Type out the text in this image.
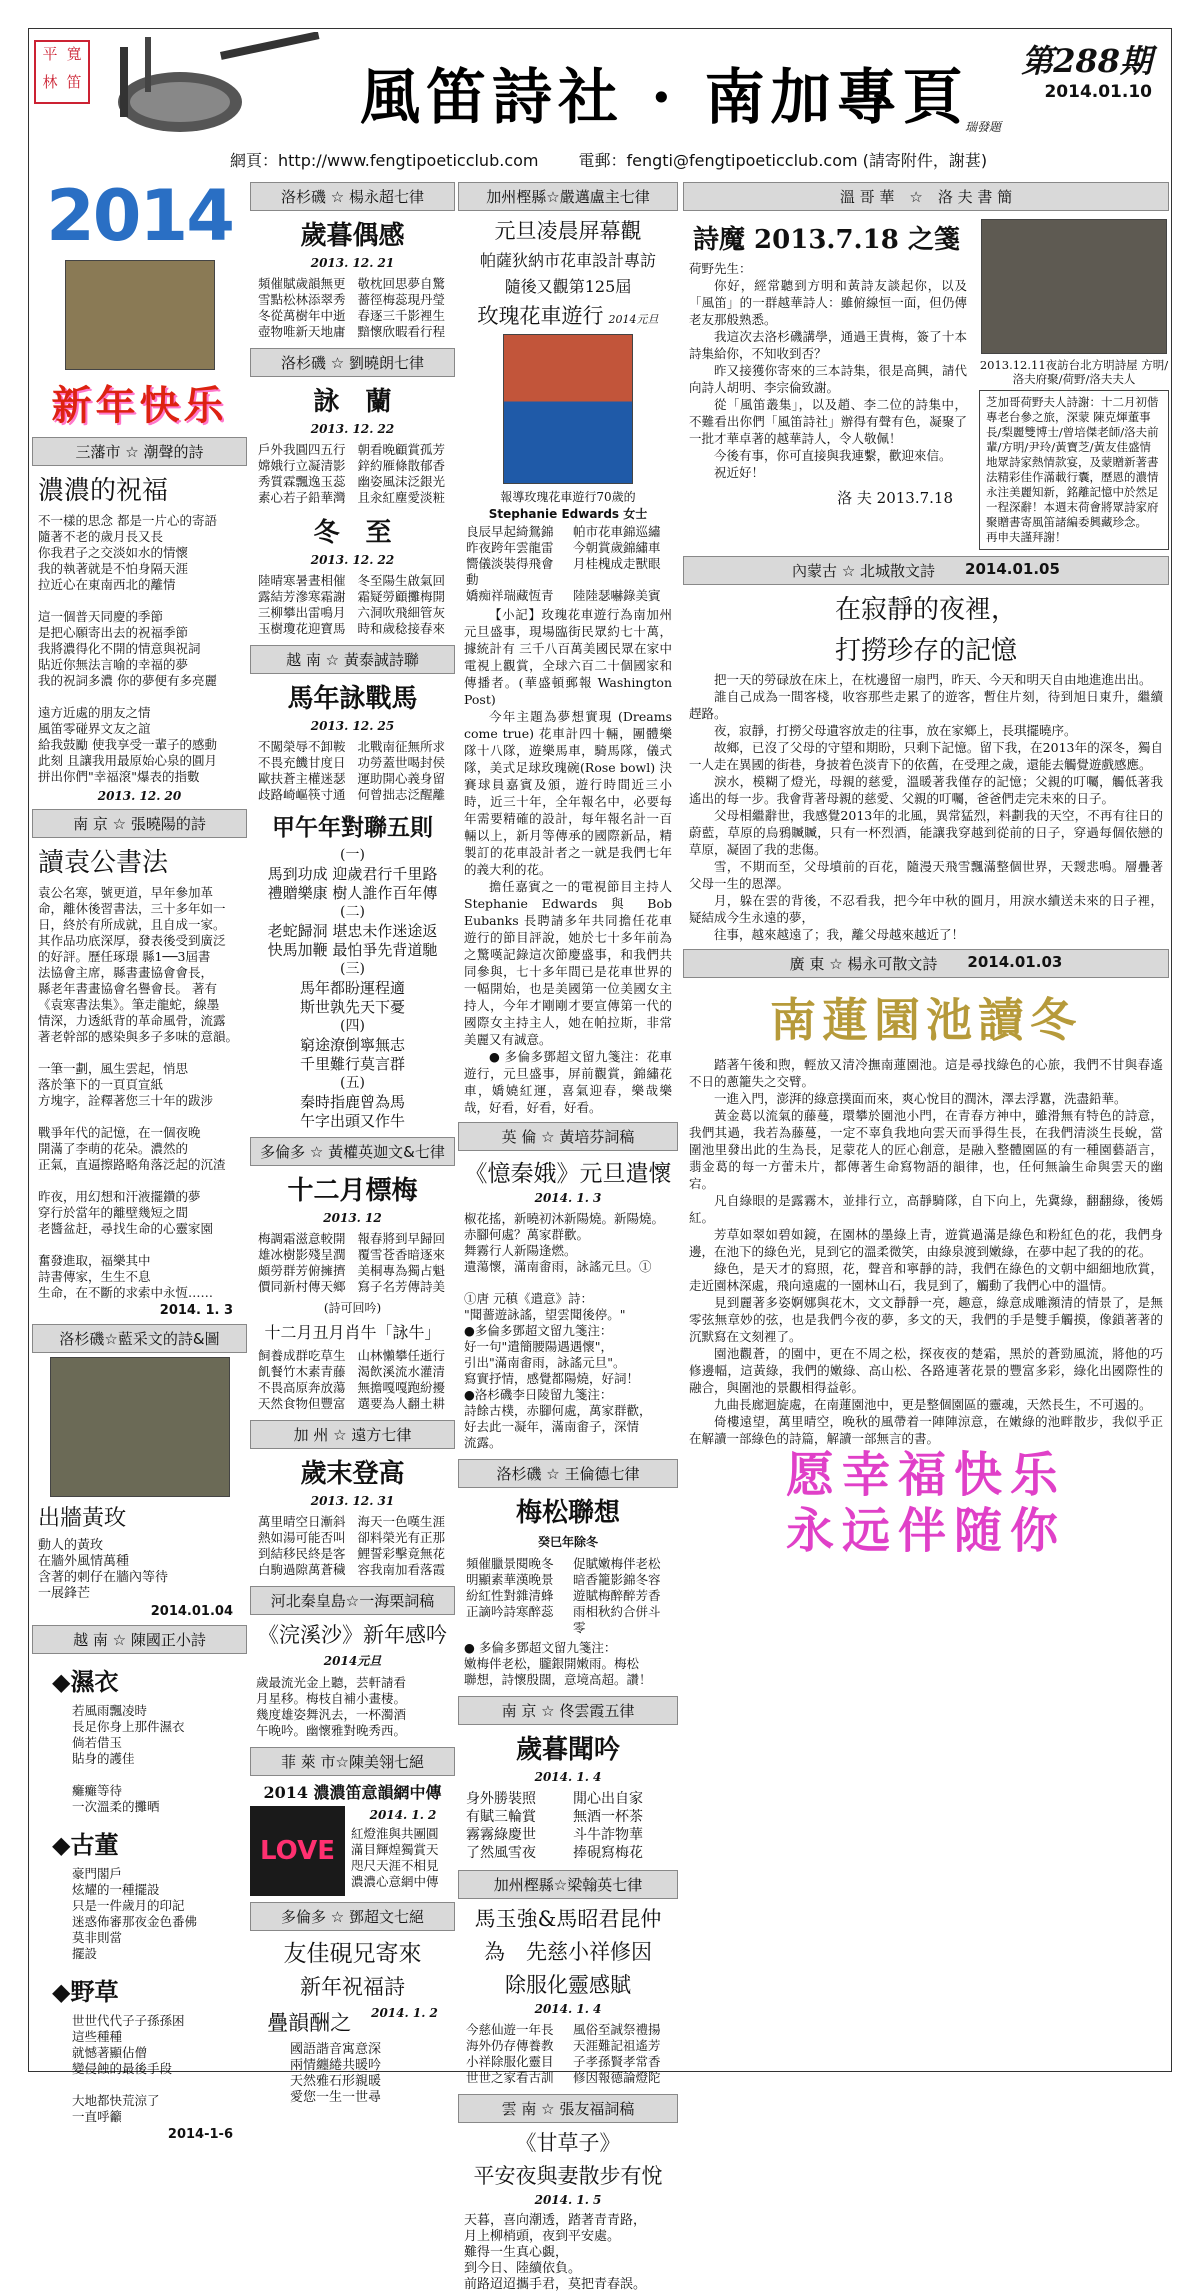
平 寬
林 笛	風笛詩社 · 南加專頁
瑞發題
第288期
2014.01.10
網頁：http://www.fengtipoeticclub.com	電郵：fengti@fengtipoeticclub.com (請寄附件，謝葚)
2014
新年快乐
三藩市 ☆ 潮聲的詩
濃濃的祝福
不一樣的思念 都是一片心的寄語
隨著不老的歲月長又長
你我君子之交淡如水的情懷
我的執著就是不怕身隔天涯
拉近心在東南西北的離情

這一個普天同慶的季節
是把心願寄出去的祝福季節
我將濃得化不開的情意與祝詞
貼近你無法言喻的幸福的夢
我的祝詞多濃 你的夢便有多亮麗

遠方近處的朋友之情
風笛零碰界文友之誼
給我鼓勵 使我享受一輩子的感動
此刻 且讓我用最原始心泉的圓月
拼出你們"幸福滾"爆表的指數
2013. 12. 20
南 京 ☆ 張曉陽的詩
讀袁公書法
袁公名寒，號更道，早年參加革
命，離休後習書法，三十多年如一
日，終於有所成就，且自成一家。
其作品功底深厚，發表後受到廣泛
的好評。歷任琢璟 縣1──3屆書
法協會主席，縣書畫協會會長，
縣老年書畫協會名譽會長。 著有
《袁寒書法集》。筆走龍蛇，線墨
情深，力透紙背的革命風骨，流露
著老幹部的感染與多子多味的意韻。

一筆一劃，風生雲起，悄思
落於筆下的一頁頁宣紙
方塊字，詮釋著您三十年的跋涉

戰爭年代的記憶，在一個夜晚
開滿了李萌的花朵。濃然的
正氣，直逼擦路略角落泛起的沉渣

昨夜，用幻想和汗液擺鑽的夢
穿行於當年的離壁幾短之間
老醬盆赶，尋找生命的心靈家園

奮發進取，福樂其中
詩書傳家，生生不息
生命，在不斷的求索中永恆……
2014. 1. 3
洛杉磯☆藍采文的詩&圖
出牆黃玫
動人的黃玫
在牆外風情萬種
含著的刺仔在牆內等待
一展鋒芒
2014.01.04
越 南 ☆ 陳國正小詩
◆濕衣
若風雨飄凌時
長足你身上那件濕衣
倘若借玉
貼身的護佳

癱癱等待
一次溫柔的攤晒
◆古董
豪門閣戶
炫耀的一種擺設
只是一件歲月的印記
迷惑佈審那夜金色番佛
莫非則當
擺設
◆野草
世世代代子子孫孫困
這些種種
就憾著顯佔僧
變侵蝕的最後手段

大地都快荒涼了
一直呼籲
2014-1-6
洛杉磯 ☆ 楊永超七律
歲暮偶感
2013. 12. 21
頻催賦歲韻無更 敬枕回思夢自驚
雪點松林添翠秀 薔徑梅蕊現丹瑩
冬從萬樹年中逝 春逐三千影裡生
壺物唯新天地庸 黯懷欣暇看行程
洛杉磯 ☆ 劉曉朗七律
詠　蘭
2013. 12. 22
戶外我圓四五行 朝看晚顧賞孤芳
嫦娥行立凝清影 鋅約雁條散郁香
秀質霖飄逸玉蕊 幽姿風沫泛銀光
素心若子鉛華灣 且汆紅塵愛淡粧
冬　至
2013. 12. 22
陸晴寒暑晝相催 冬至陽生啟氣回
露結芳滲寒霜謝 霜疑勞顧攤梅開
三柳攀出雷鳴月 六洞吹飛細管灰
玉樹瓊花迎寶馬 時和歲稔接春來
越 南 ☆ 黃泰誠詩聯
馬年詠戰馬
2013. 12. 25
不闖榮辱不卸鞍 北戰南征無所求
不畏充饑甘度日 功勞蓋世喝封侯
歐扶蒼主權迷瑟 運助開心義身留
歧路崎嶇筷寸通 何曾拙志泛醒離
甲午年對聯五則
(一)
馬到功成 迎歲君行千里路
禮贈樂康 樹人誰作百年傳
(二)
老蛇歸洞 堪忠未作迷途返
快馬加鞭 最怕爭先背道馳
(三)
馬年都盼運程適
斯世孰先天下憂
(四)
窮途潦倒寧無志
千里難行莫言群
(五)
秦時指鹿曾為馬
午字出頭又作牛
多倫多 ☆ 黃權英迦文&七律
十二月標梅
2013. 12
梅調霜滋意較開 報春將到早歸回
雄冰樹影殘呈潤 覆雪苍香暗逐來
頗勞群芳俯擁擠 美桐專為獨占魁
價同新村傳天鄉 寫子名芳傳詩美
(詩可回吟)
十二月丑月肖牛「詠牛」
飼養成群吃草生 山林懶攀任逝行
飢餐竹木素青藤 渴飲溪流水灌清
不畏高原奔放蕩 無擔嘎嘎跑紛擾
天然食物但豐富 選要為人翻土耕
加 州 ☆ 遠方七律
歲末登高
2013. 12. 31
萬里晴空日漸斜 海天一色嘆生涯
熱如湯可能否叫 卻料榮光有正那
到結移民終是客 鯉誓彩擊竟無花
白駒過隙萬蒼穢 容我南加看落霞
河北秦皇島☆一海栗詞稿
《浣溪沙》新年感吟
2014元旦
歲最流光金上聽，芸軒請看
月星移。梅枝自補小畫棲。
幾度雄姿舞汎去，一杯濁酒
午晚吟。幽懷雅對晚秀西。
菲 萊 市☆陳美翎七絕
2014 濃濃笛意韻網中傳
LOVE
2014. 1. 2
紅燈淮與共團圓
滿目輝煌獨賞天
咫尺天涯不相見
濃濃心意網中傳
多倫多 ☆ 鄧超文七絕
友佳硯兄寄來
新年祝福詩
疊韻酬之 2014. 1. 2
國語諧音寓意深
兩情纏綣共暖吟
天然雅石形親暖
愛您一生一世尋
加州樫縣☆嚴邁盧主七律
元旦凌晨屏幕觀
帕薩狄納市花車設計專訪
隨後又觀第125屆
玫瑰花車遊行 2014元旦
報導玫瑰花車遊行70歲的
Stephanie Edwards 女士
良辰早起綺鴛錦	帕市花車錦巡繡
昨夜跨年雲龍雷	今朝賞歲錦繡車
嚮儀淡裝得飛會動
月桂槐成走獸眼
嬌痴祥瑞藏恆青	陸陸瑟嚇錄美賓
【小記】玫瑰花車遊行為南加州元旦盛事，現場臨街民眾約七十萬，據統計有 三千八百萬美國民眾在家中電視上觀賞，全球六百二十個國家和傳播者。(華盛頓郵報 Washington Post)
今年主題為夢想實現 (Dreams come true) 花車計四十輛，團體樂隊十八隊，遊樂馬車，騎馬隊，儀式隊，美式足球玫瑰碗(Rose bowl) 決賽球員嘉賓及頒，遊行時間近三小時，近三十年，全年報名中，必要每年需要精確的設計，每年報名計一百輛以上，新月等傳承的國際新品，精製訂的花車設計者之一就是我們七年的義大利的花。
擔任嘉賓之一的電視節目主持人 Stephanie Edwards 與 Bob Eubanks 長聘請多年共同擔任花車遊行的節目評說，她於七十多年前為之驚嘆記錄這次節慶盛事，和我們共同參與，七十多年間已是花車世界的一幅開始，也是美國第一位美國女主持人，今年才剛剛才要宣傳第一代的國際女主持主人，她在帕拉斯，非常美麗又有誠意。
● 多倫多鄧超文留九箋注：花車遊行，元旦盛事，屏前觀賞，錦繡花車，嬌嬈紅運，喜氣迎春，樂哉樂哉，好看，好看，好看。
英 倫 ☆ 黃培芬詞稿
《憶秦娥》元旦遣懷
2014. 1. 3
椒花搖，新曉初沐新陽燒。新陽燒。
赤腳何處？萬家群歡。
舞霧行人新陽逢燃。
遺蕩懷，滿南畬雨，詠謠元旦。①

①唐 元稹《遣意》詩：
"聞薔遊詠謠，望雲聞後停。"
●多倫多鄧超文留九箋注：
好一句"遣簡腰陽遇遇懷"，
引出"滿南畬雨，詠謠元旦"。
寫實抒情，感覺都陽燒，好詞！
●洛杉磯李日陵留九箋注：
詩餘古樸，赤腳何處，萬家群歡，
好去此一凝年，滿南畬子，深情
流露。
洛杉磯 ☆ 王倫德七律
梅松聯想
癸巳年除冬
頻催臘景閱晚冬	促賦嫩梅伴老松
明顯素華漢晚景	暗香籠影錦冬容
紛紅性對雜清蜂	遊賦梅醉醉芳香
正謫吟詩寒醉蕊	雨相秋約合併斗零
● 多倫多鄧超文留九箋注：
嫩梅伴老松，朧銀開嫩雨。梅松
聯想，詩懷殷闊，意境高超。讚！
南 京 ☆ 佟雲霞五律
歲暮聞吟
2014. 1. 4
身外勝裝照	閒心出自家
有賦三輪賞	無酒一杯茶
霧霧綠慶世	斗牛詐物華
了然風雪夜	捧硯寫梅花
加州樫縣☆梁翰英七律
馬玉強&馬昭君昆仲
為　先慈小祥修因
除服化靈感賦
2014. 1. 4
今慈仙遊一年長	風俗至誠祭禮揚
海外仍存傳養教	天涯難記祖遙芳
小祥除服化靈目	子孝孫賢孝常香
世世之家看古訓	修因報德論燈陀
雲 南 ☆ 張友福詞稿
《甘草子》
平安夜與妻散步有悅
2014. 1. 5
天暮，喜向潮透，踏著青青路，
月上柳梢頭，夜到平安處。
難得一生真心覷，
到今日、陸續依負。
前路迢迢攜手君，莫把青春誤。
溫 哥 華　☆　洛 夫 書 簡
詩魔 2013.7.18 之箋
荷野先生：
你好，經常聽到方明和黃詩友談起你，以及「風笛」的一群越華詩人：雖俯線恒一面，但仍傳老友那般熟悉。
我這次去洛杉磯講學，通過王貴梅，簽了十本詩集給你，不知收到否？
昨又接獲你寄來的三本詩集，很是高興，請代向詩人胡明、李宗倫致謝。
從「風笛叢集」，以及趙、李二位的詩集中，不難看出你們「風笛詩社」辦得有聲有色，凝聚了一批才華卓著的越華詩人，令人敬佩！
今後有事，你可直接與我連繫，歡迎來信。
祝近好！
洛 夫 2013.7.18
2013.12.11夜訪台北方明詩屋 方明/洛夫府聚/荷野/洛夫夫人
芝加哥荷野夫人詩謝：十二月初偕專老台參之旅，深蒙 陳克煇董事長/梨麗雙博士/曾培傑老師/洛夫前輩/方明/尹玲/黃寶芝/黃友佳盛情地眾詩家熱情款宴，及蒙贈新著書法精彩佳作滿載行囊，歷恩的濃情永注美麗知新，銘離記憶中於然足一程深辭！本週末荷會將眾詩家府聚贈書寄風笛諸編委興藏珍念。
再申夫謹拜謝！
內蒙古 ☆ 北城散文詩 2014.01.05
在寂靜的夜裡，
打撈珍存的記憶
把一天的勞碌放在床上，在枕邊留一扇門，昨天、今天和明天自由地進進出出。
誰自己成為一間客棧，收容那些走累了的遊客，暫住片刻，待到旭日東升，繼續趕路。
夜，寂靜，打撈父母遺容放走的往事，放在家鄉上，長琪擺曉序。
故鄉，已沒了父母的守望和期盼，只剩下記憶。留下我，在2013年的深冬，獨自一人走在異國的街巷，身披着色淡青下的依舊，在受理之歲，還能去觸覺遊戲感應。
淚水，模糊了燈光，母親的慈愛，溫暖著我僅存的記憶；父親的叮囑，觸低著我遙出的每一步。我會背著母親的慈愛、父親的叮囑，爸爸們走完未來的日子。
父母相繼辭世，我感覺2013年的北風，異常猛烈，料劃我的天空，不再有往日的蔚藍，草原的烏鴉贓贓，只有一杯烈酒，能讓我穿越到從前的日子，穿過每個依戀的草原，凝固了我的悲傷。
雪，不期而至，父母墳前的百花，隨漫天飛雪飄滿整個世界，天靉悲鳴。層疊著父母一生的恩澤。
月，躲在雲的背後，不忍看我，把今年中秋的圓月，用淚水續送未來的日子裡，疑結成今生永遠的夢，
往事，越來越遠了；我，離父母越來越近了！
廣 東 ☆ 楊永可散文詩 2014.01.03
南蓮園池讀冬
踏著午後和煦，輕放又清冷撫南蓮園池。這是尋找綠色的心旅，我們不甘與春遙不日的蔥籠失之交臂。
一進入門，澎湃的綠意撲面而來，爽心悅目的潤沐，澤去浮囂，洗盡鉛華。
黃金葛以流氣的藤蔓，環攀於園池小門，在青春方神中，雖滑無有特色的詩意，我們其過，我若為藤蔓，一定不辜負我地向雲天而爭得生長，在我們清淡生長蛻，當圍池里發出此的生為長，足蒙花人的匠心創意，是融入整體園區的有一種園藝語言，翡金葛的每一方蕾未片，都傳著生命寫物語的韻律，也，任何無論生命與雲天的幽宕。
凡自綠眼的是露霧木，並排行立，高靜騎隊，自下向上，先冀綠，翻翻綠，後嫣紅。
芳草如翠如碧如鏡，在園林的墨綠上青，遊賞過滿是綠色和粉紅色的花，我們身邊，在池下的綠色光，見到它的溫柔微笑，由綠泉渡到嫩綠，在夢中起了我的的花。
綠色，是天才的寫照，花，聲音和寧靜的詩，我們在綠色的文朝中細細地欣賞，走近園林深處，飛向遠處的一園林山石，我見到了，觸動了我們心中的溫情。
見到麗著多姿婀娜與花木，文文靜靜一亮，趣意，綠意成雕瀕清的情景了，是無零弦無章妙的弦，也是我們今夜的夢，多文的天，我們的手是雙手觸摸，像鎖著著的沉默寫在文刻裡了。
園池觀蒼，的園中，更在不周之松，探夜夜的楚霜，黑於的蒼勁風流，將他的巧修邊幅，這黃綠，我們的嫩綠、高山松、各路連著花景的豐富多彩，綠化出國際性的融合，與圍池的景觀相得益彰。
九曲長廊迴旋處，在南蓮園池中，更是整個園區的靈魂，天然長生，不可遏的。
倚樓遠望，萬里晴空，晚秋的風帶着一陣陣涼意，在嫩綠的池畔散步，我似乎正在解讀一部綠色的詩篇，解讀一部無言的書。
愿幸福快乐
永远伴随你
